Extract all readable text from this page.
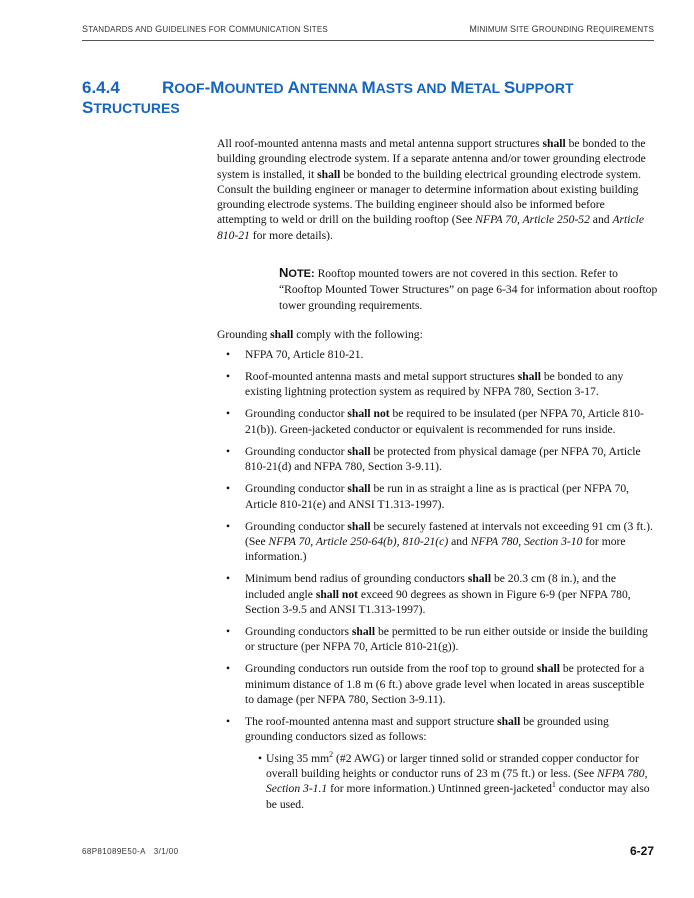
STANDARDS AND GUIDELINES FOR COMMUNICATION SITES	MINIMUM SITE GROUNDING REQUIREMENTS
6.4.4 ROOF-MOUNTED ANTENNA MASTS AND METAL SUPPORT
STRUCTURES

All roof-mounted antenna masts and metal antenna support structures shall be bonded to the building grounding electrode system. If a separate antenna and/or tower grounding electrode system is installed, it shall be bonded to the building electrical grounding electrode system. Consult the building engineer or manager to determine information about existing building grounding electrode systems. The building engineer should also be informed before attempting to weld or drill on the building rooftop (See NFPA 70, Article 250-52 and Article 810-21 for more details).

NOTE: Rooftop mounted towers are not covered in this section. Refer to “Rooftop Mounted Tower Structures” on page 6-34 for information about rooftop tower grounding requirements.

Grounding shall comply with the following:

• NFPA 70, Article 810-21.
• Roof-mounted antenna masts and metal support structures shall be bonded to any existing lightning protection system as required by NFPA 780, Section 3-17.
• Grounding conductor shall not be required to be insulated (per NFPA 70, Article 810-21(b)). Green-jacketed conductor or equivalent is recommended for runs inside.
• Grounding conductor shall be protected from physical damage (per NFPA 70, Article 810-21(d) and NFPA 780, Section 3-9.11).
• Grounding conductor shall be run in as straight a line as is practical (per NFPA 70, Article 810-21(e) and ANSI T1.313-1997).
• Grounding conductor shall be securely fastened at intervals not exceeding 91 cm (3 ft.). (See NFPA 70, Article 250-64(b), 810-21(c) and NFPA 780, Section 3-10 for more information.)
• Minimum bend radius of grounding conductors shall be 20.3 cm (8 in.), and the included angle shall not exceed 90 degrees as shown in Figure 6-9 (per NFPA 780, Section 3-9.5 and ANSI T1.313-1997).
• Grounding conductors shall be permitted to be run either outside or inside the building or structure (per NFPA 70, Article 810-21(g)).
• Grounding conductors run outside from the roof top to ground shall be protected for a minimum distance of 1.8 m (6 ft.) above grade level when located in areas susceptible to damage (per NFPA 780, Section 3-9.11).
• The roof-mounted antenna mast and support structure shall be grounded using grounding conductors sized as follows:
• Using 35 $mm^2$ (#2 AWG) or larger tinned solid or stranded copper conductor for overall building heights or conductor runs of 23 m (75 ft.) or less. (See NFPA 780, Section 3-1.1 for more information.) Untinned green-jacketed$^1$ conductor may also be used.
68P81089E50-A 3/1/00	6-27
